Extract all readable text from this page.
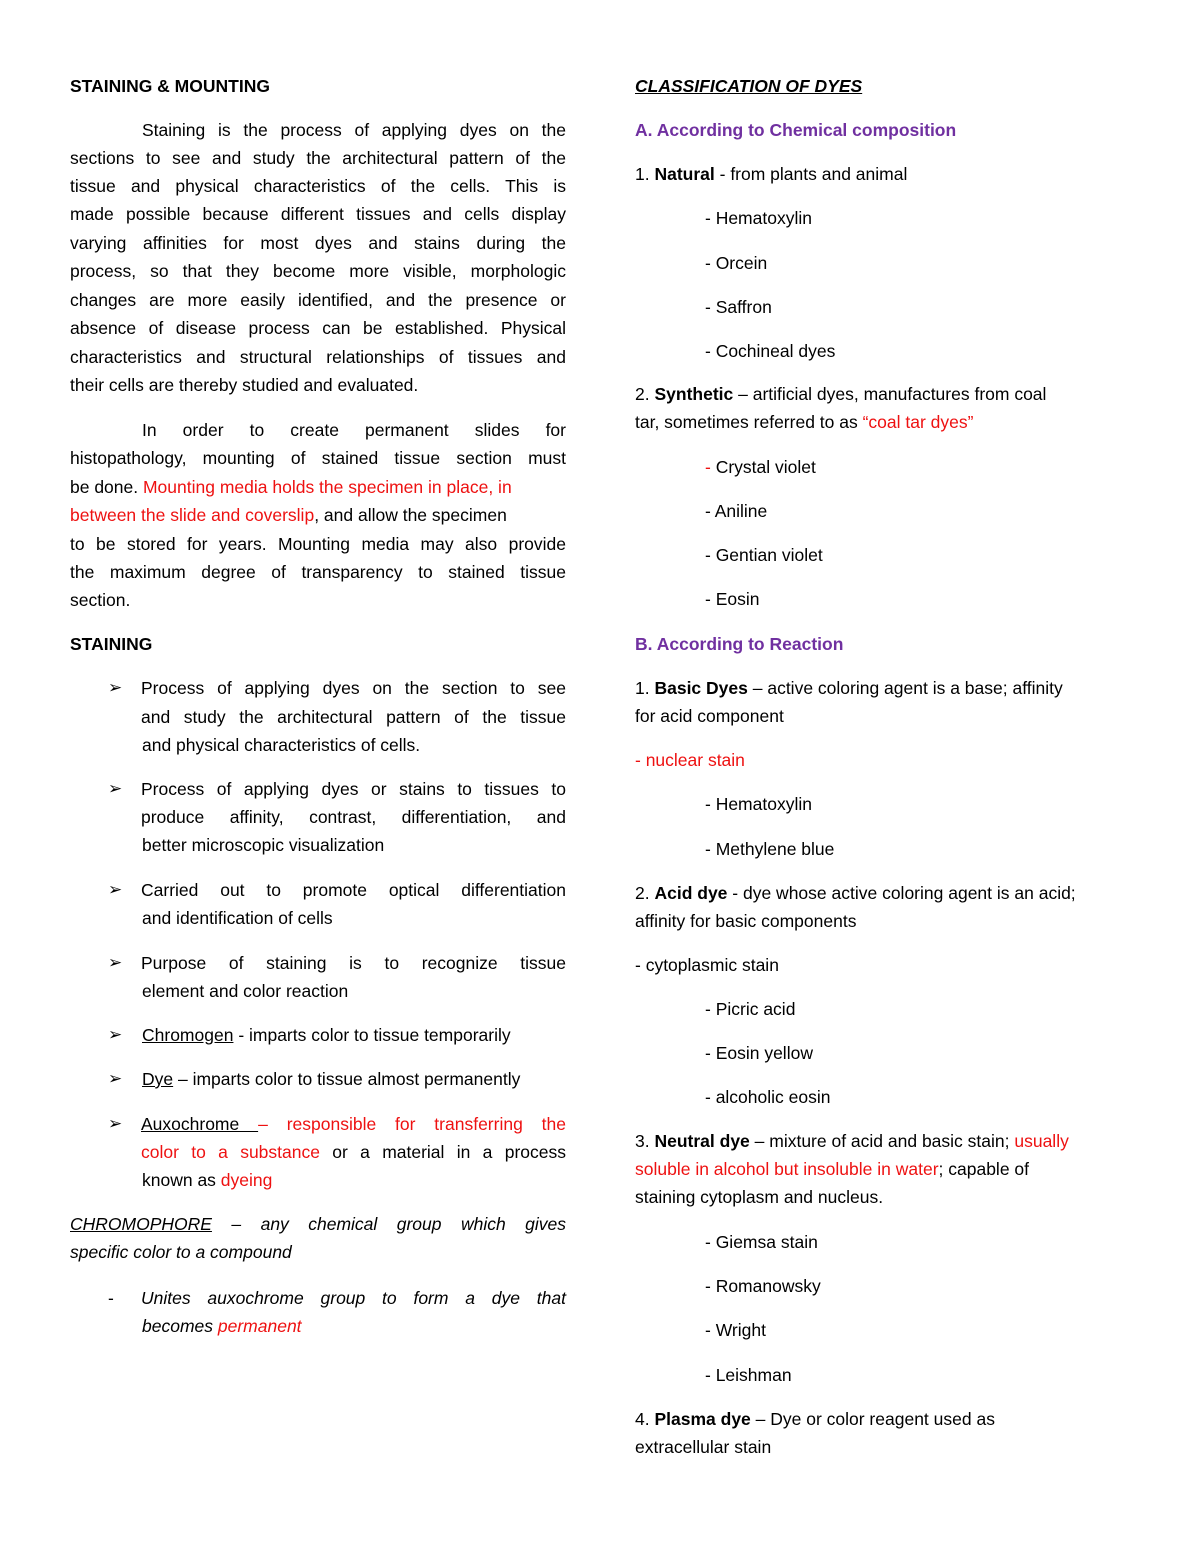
STAINING & MOUNTING
Staining is the process of applying dyes on the
sections to see and study the architectural pattern of the
tissue and physical characteristics of the cells. This is
made possible because different tissues and cells display
varying affinities for most dyes and stains during the
process, so that they become more visible, morphologic
changes are more easily identified, and the presence or
absence of disease process can be established. Physical
characteristics and structural relationships of tissues and
their cells are thereby studied and evaluated.
In order to create permanent slides for
histopathology, mounting of stained tissue section must
be done. Mounting media holds the specimen in place, in
between the slide and coverslip, and allow the specimen
to be stored for years. Mounting media may also provide
the maximum degree of transparency to stained tissue
section.
STAINING
➢ Process of applying dyes on the section to see
and study the architectural pattern of the tissue
and physical characteristics of cells.
➢ Process of applying dyes or stains to tissues to
produce affinity, contrast, differentiation, and
better microscopic visualization
➢ Carried out to promote optical differentiation
and identification of cells
➢ Purpose of staining is to recognize tissue
element and color reaction
➢ Chromogen - imparts color to tissue temporarily
➢ Dye – imparts color to tissue almost permanently
➢ Auxochrome – responsible for transferring the
color to a substance or a material in a process
known as dyeing
CHROMOPHORE – any chemical group which gives
specific color to a compound
- Unites auxochrome group to form a dye that
becomes permanent
CLASSIFICATION OF DYES
A. According to Chemical composition
1. Natural - from plants and animal
- Hematoxylin
- Orcein
- Saffron
- Cochineal dyes
2. Synthetic – artificial dyes, manufactures from coal
tar, sometimes referred to as “coal tar dyes”
- Crystal violet
- Aniline
- Gentian violet
- Eosin
B. According to Reaction
1. Basic Dyes – active coloring agent is a base; affinity
for acid component
- nuclear stain
- Hematoxylin
- Methylene blue
2. Acid dye - dye whose active coloring agent is an acid;
affinity for basic components
- cytoplasmic stain
- Picric acid
- Eosin yellow
- alcoholic eosin
3. Neutral dye – mixture of acid and basic stain; usually
soluble in alcohol but insoluble in water; capable of
staining cytoplasm and nucleus.
- Giemsa stain
- Romanowsky
- Wright
- Leishman
4. Plasma dye – Dye or color reagent used as
extracellular stain
